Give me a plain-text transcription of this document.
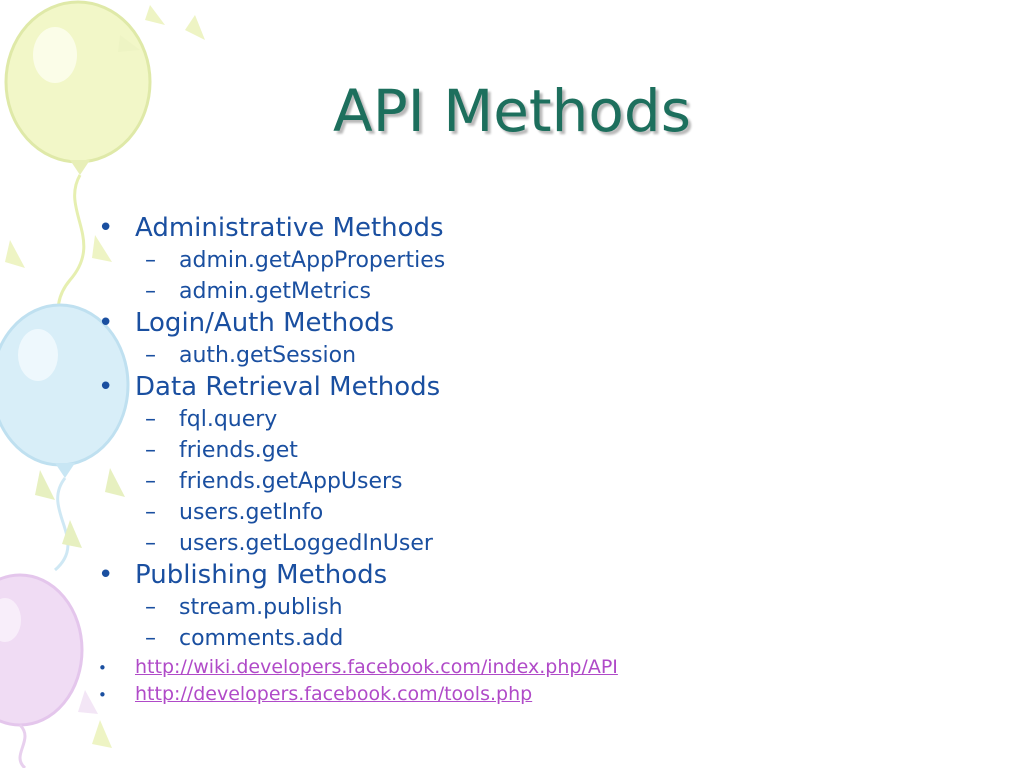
API Methods
• Administrative Methods
–	admin.getAppProperties
–	admin.getMetrics
• Login/Auth Methods
–	auth.getSession
• Data Retrieval Methods
–	fql.query
–	friends.get
–	friends.getAppUsers
–	users.getInfo
–	users.getLoggedInUser
• Publishing Methods
–	stream.publish
–	comments.add
•	http://wiki.developers.facebook.com/index.php/API
•	http://developers.facebook.com/tools.php
